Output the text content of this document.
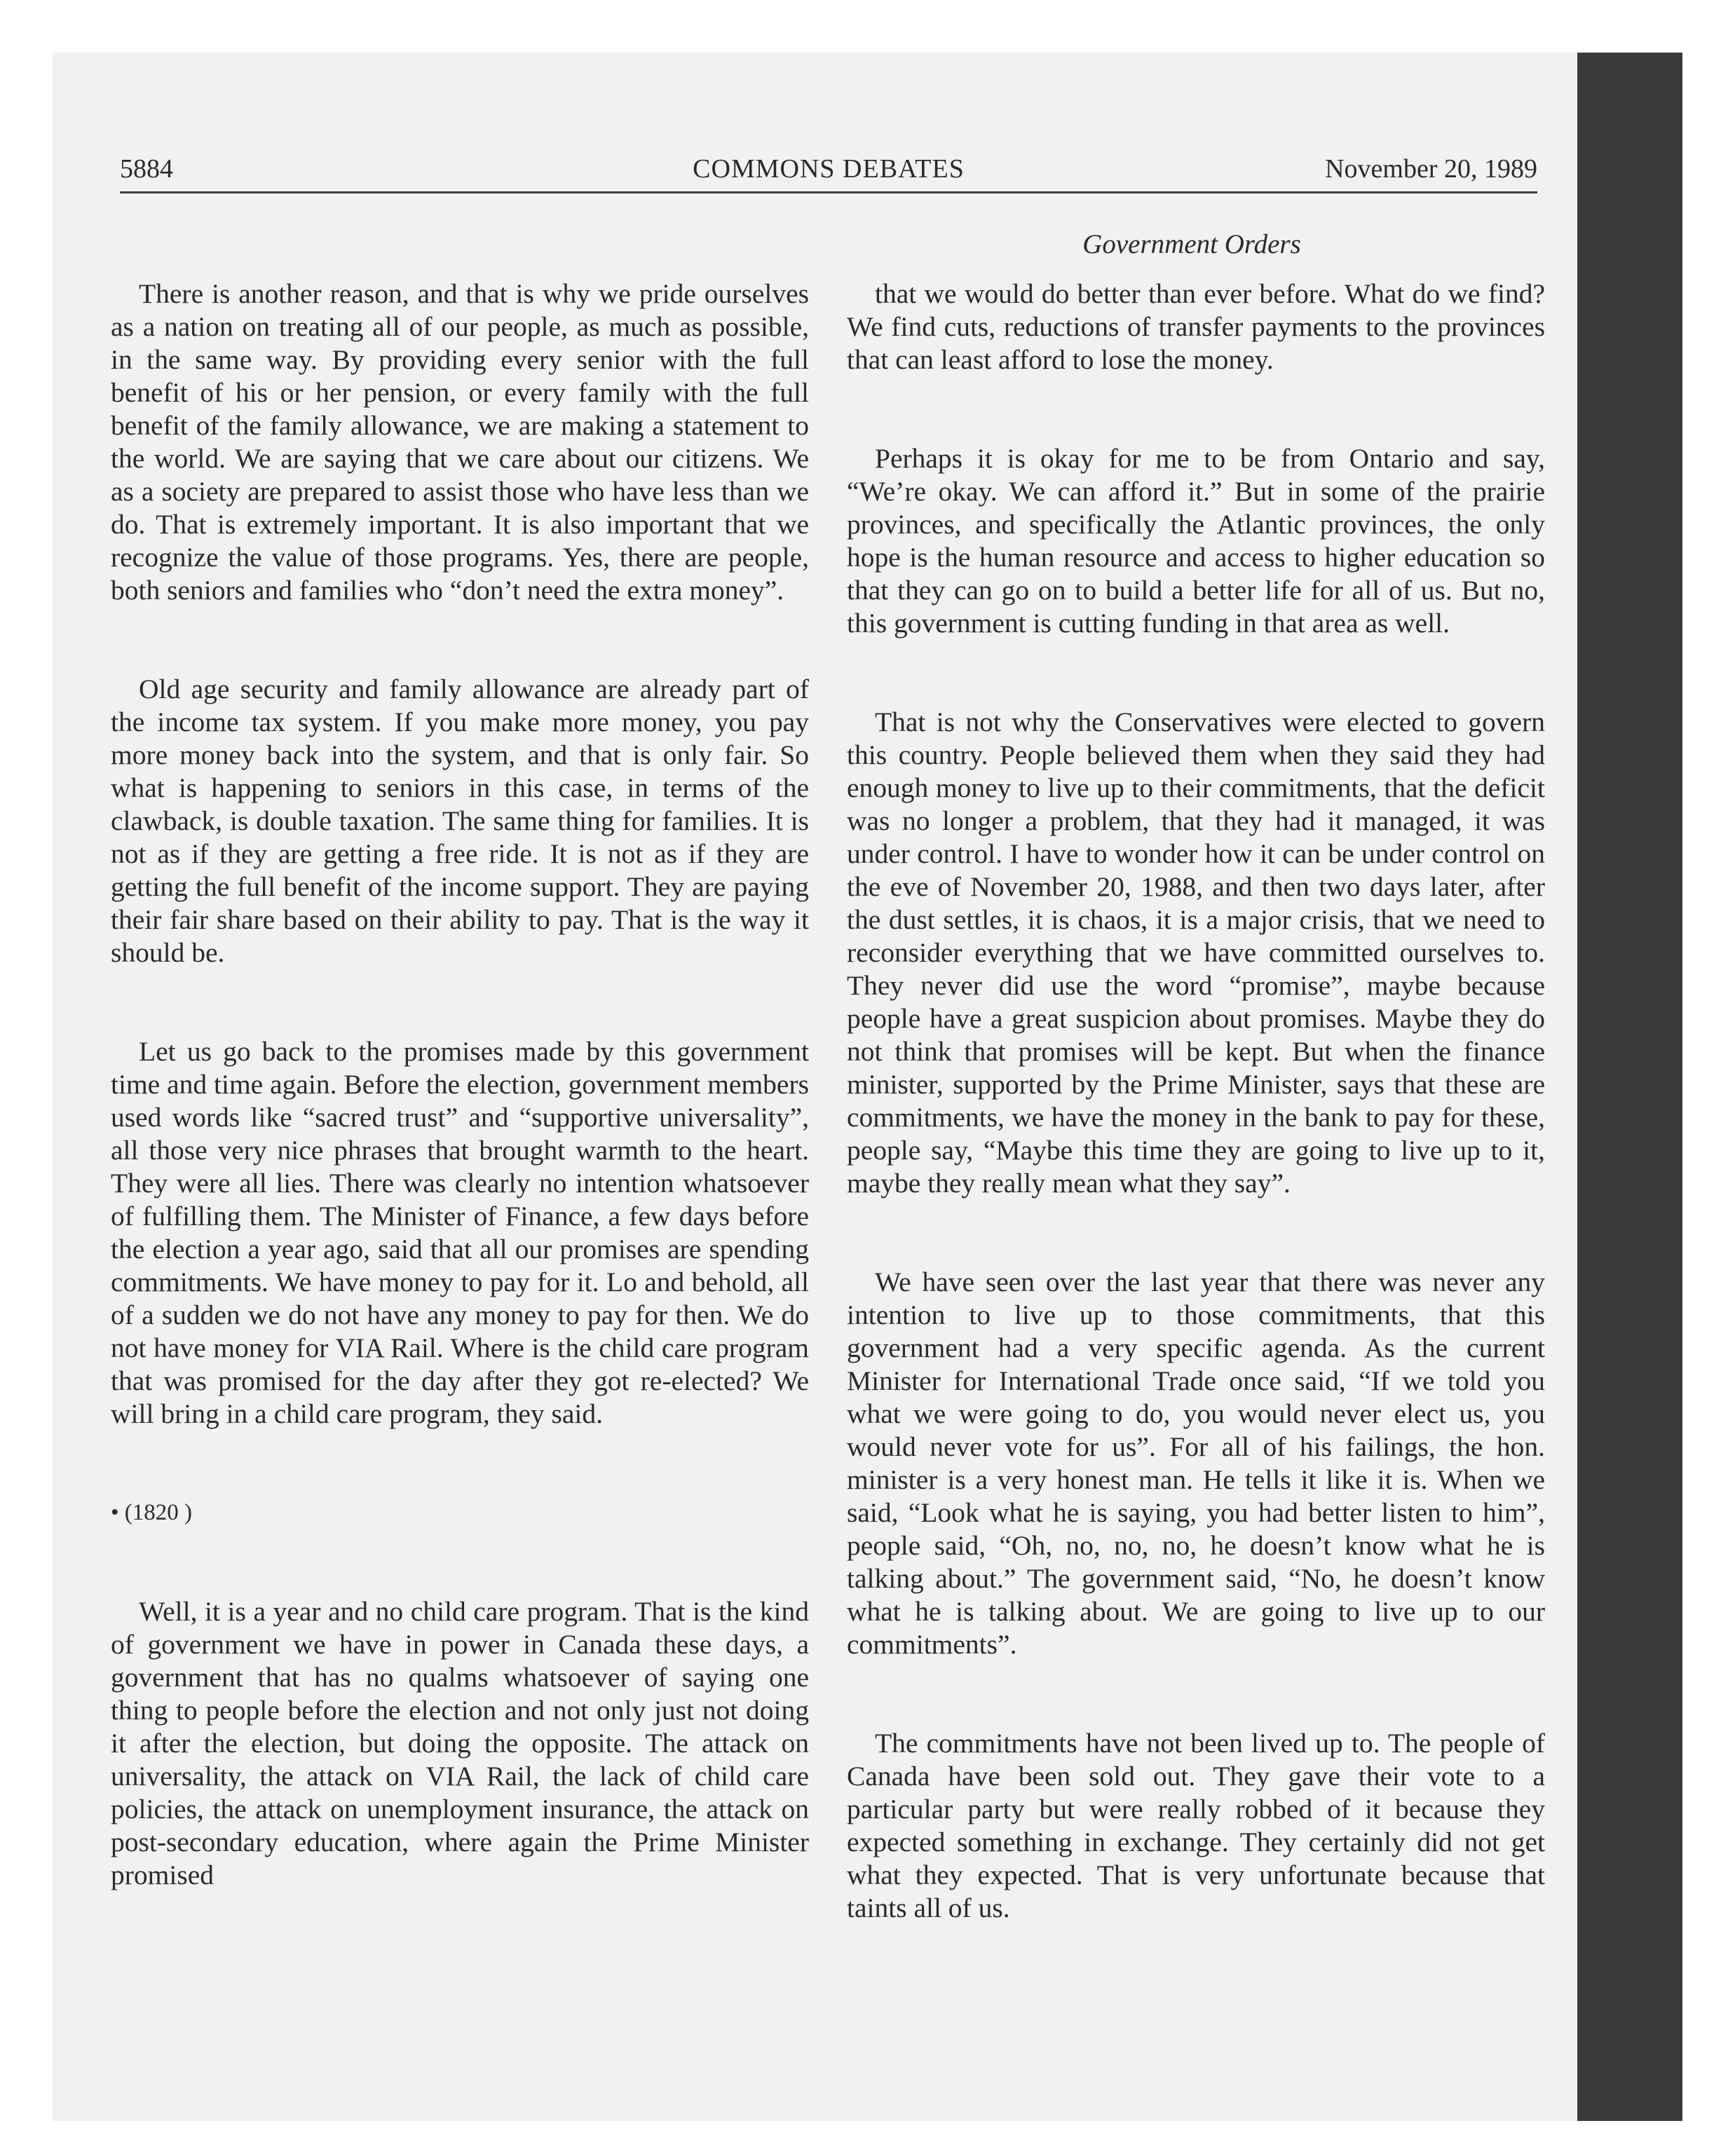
5884	COMMONS DEBATES	November 20, 1989
Government Orders

There is another reason, and that is why we pride ourselves as a nation on treating all of our people, as much as possible, in the same way. By providing every senior with the full benefit of his or her pension, or every family with the full benefit of the family allowance, we are making a statement to the world. We are saying that we care about our citizens. We as a society are prepared to assist those who have less than we do. That is extremely important. It is also important that we recognize the value of those programs. Yes, there are people, both seniors and families who “don’t need the extra money”.

Old age security and family allowance are already part of the income tax system. If you make more money, you pay more money back into the system, and that is only fair. So what is happening to seniors in this case, in terms of the clawback, is double taxation. The same thing for families. It is not as if they are getting a free ride. It is not as if they are getting the full benefit of the income support. They are paying their fair share based on their ability to pay. That is the way it should be.

Let us go back to the promises made by this government time and time again. Before the election, government members used words like “sacred trust” and “supportive universality”, all those very nice phrases that brought warmth to the heart. They were all lies. There was clearly no intention whatsoever of fulfilling them. The Minister of Finance, a few days before the election a year ago, said that all our promises are spending commitments. We have money to pay for it. Lo and behold, all of a sudden we do not have any money to pay for then. We do not have money for VIA Rail. Where is the child care program that was promised for the day after they got re-elected? We will bring in a child care program, they said.

• (1820 )

Well, it is a year and no child care program. That is the kind of government we have in power in Canada these days, a government that has no qualms whatsoever of saying one thing to people before the election and not only just not doing it after the election, but doing the opposite. The attack on universality, the attack on VIA Rail, the lack of child care policies, the attack on unemployment insurance, the attack on post-secondary education, where again the Prime Minister promised

that we would do better than ever before. What do we find? We find cuts, reductions of transfer payments to the provinces that can least afford to lose the money.

Perhaps it is okay for me to be from Ontario and say, “We’re okay. We can afford it.” But in some of the prairie provinces, and specifically the Atlantic provinces, the only hope is the human resource and access to higher education so that they can go on to build a better life for all of us. But no, this government is cutting funding in that area as well.

That is not why the Conservatives were elected to govern this country. People believed them when they said they had enough money to live up to their commitments, that the deficit was no longer a problem, that they had it managed, it was under control. I have to wonder how it can be under control on the eve of November 20, 1988, and then two days later, after the dust settles, it is chaos, it is a major crisis, that we need to reconsider everything that we have committed ourselves to. They never did use the word “promise”, maybe because people have a great suspicion about promises. Maybe they do not think that promises will be kept. But when the finance minister, supported by the Prime Minister, says that these are commitments, we have the money in the bank to pay for these, people say, “Maybe this time they are going to live up to it, maybe they really mean what they say”.

We have seen over the last year that there was never any intention to live up to those commitments, that this government had a very specific agenda. As the current Minister for International Trade once said, “If we told you what we were going to do, you would never elect us, you would never vote for us”. For all of his failings, the hon. minister is a very honest man. He tells it like it is. When we said, “Look what he is saying, you had better listen to him”, people said, “Oh, no, no, no, he doesn’t know what he is talking about.” The government said, “No, he doesn’t know what he is talking about. We are going to live up to our commitments”.

The commitments have not been lived up to. The people of Canada have been sold out. They gave their vote to a particular party but were really robbed of it because they expected something in exchange. They certainly did not get what they expected. That is very unfortunate because that taints all of us.
